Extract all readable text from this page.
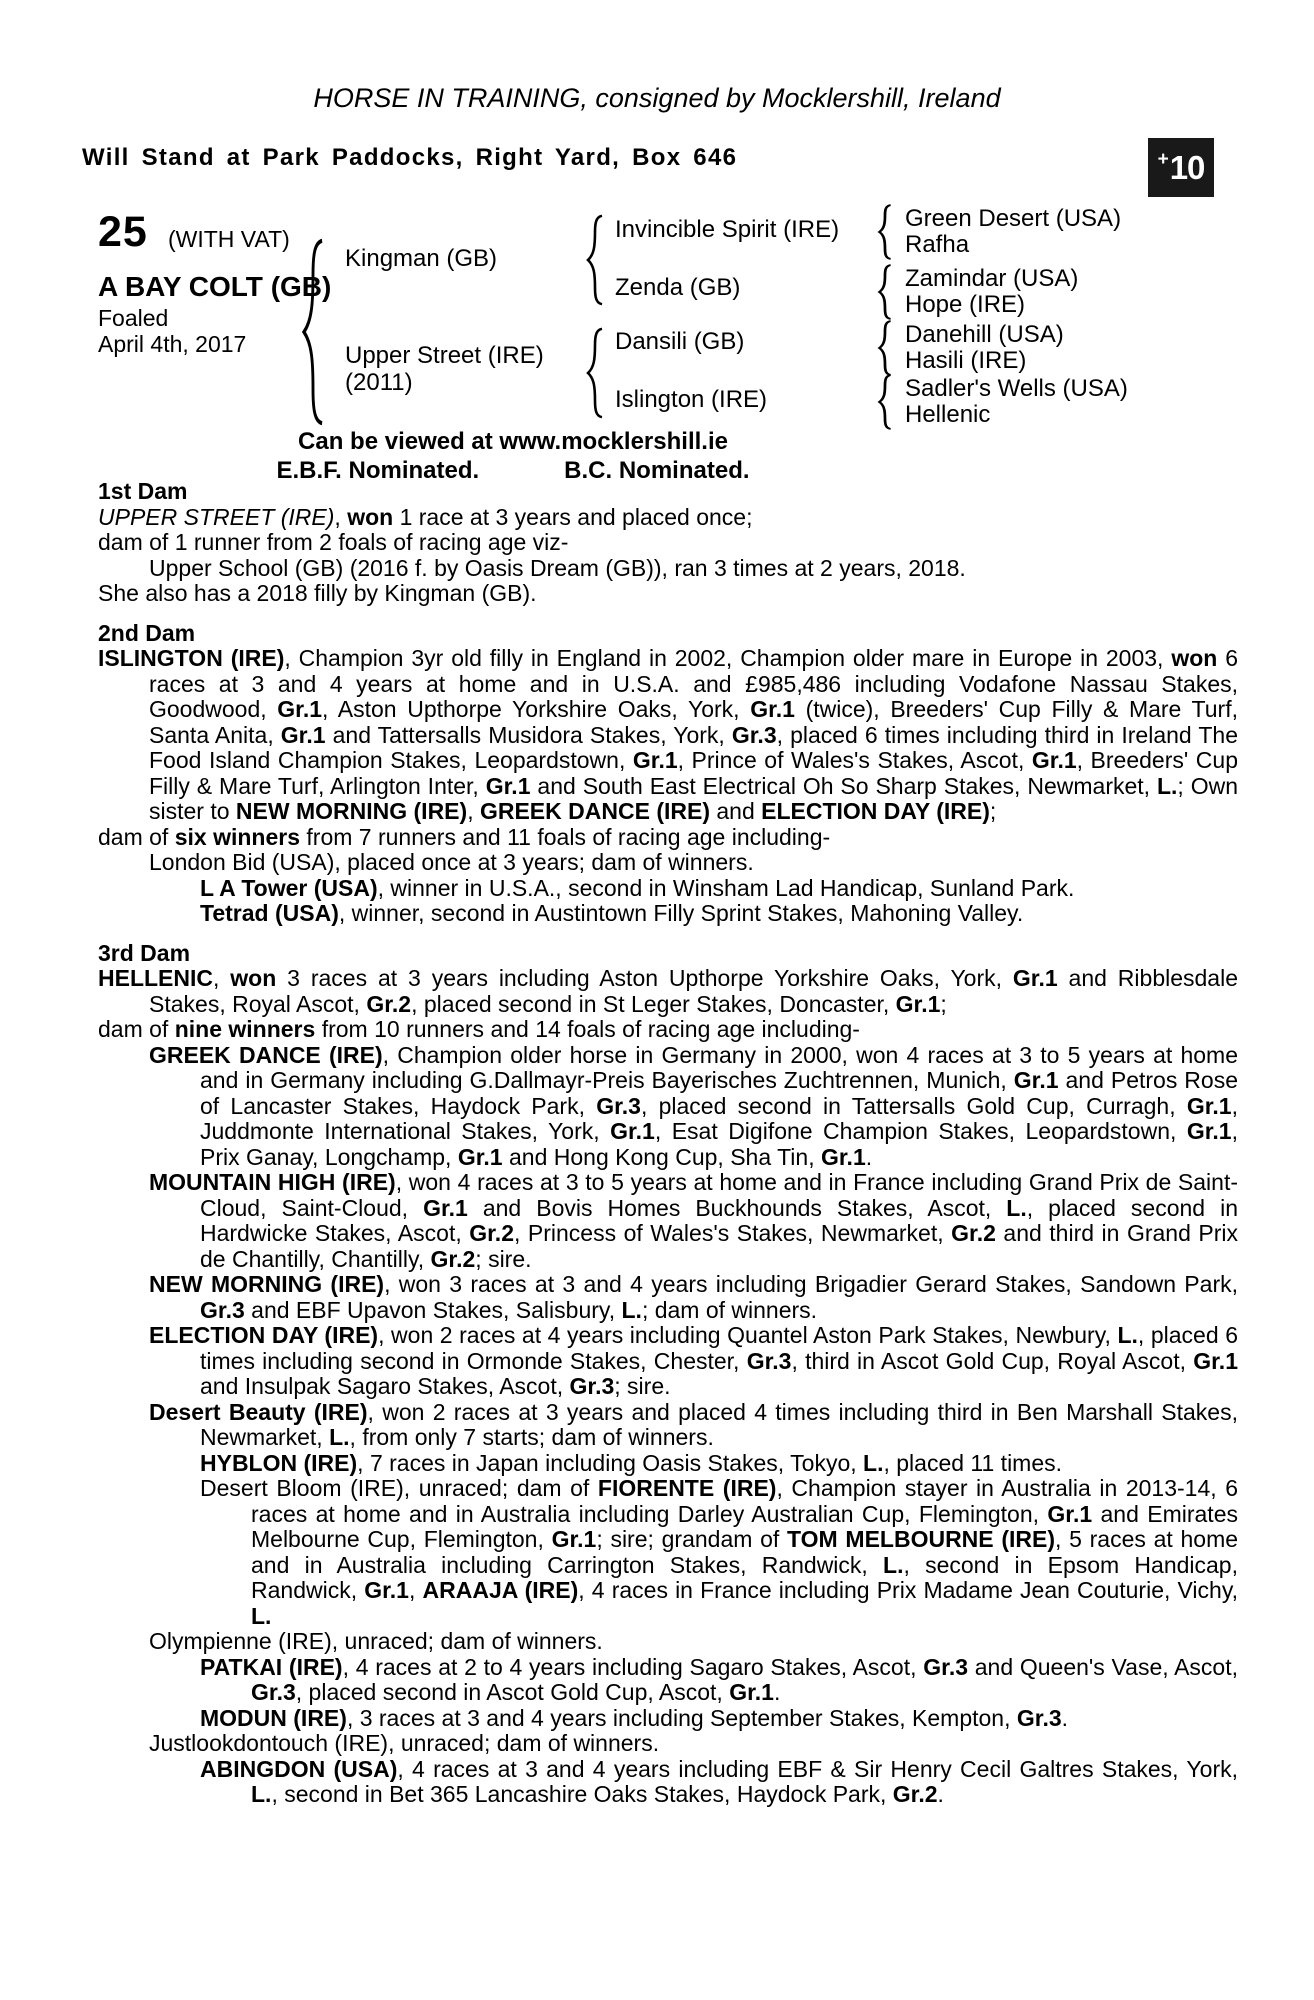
HORSE IN TRAINING, consigned by Mocklershill, Ireland
Will Stand at Park Paddocks, Right Yard, Box 646	+ 10
25 (WITH VAT)
A BAY COLT (GB)
Foaled
April 4th, 2017
Kingman (GB)
Upper Street (IRE)
(2011)
Invincible Spirit (IRE)
Zenda (GB)
Dansili (GB)
Islington (IRE)
Green Desert (USA)
Rafha
Zamindar (USA)
Hope (IRE)
Danehill (USA)
Hasili (IRE)
Sadler's Wells (USA)
Hellenic
Can be viewed at www.mocklershill.ie
E.B.F. Nominated.	B.C. Nominated.
1st Dam

UPPER STREET (IRE), won 1 race at 3 years and placed once;

dam of 1 runner from 2 foals of racing age viz-

Upper School (GB) (2016 f. by Oasis Dream (GB)), ran 3 times at 2 years, 2018.

She also has a 2018 filly by Kingman (GB).

2nd Dam

ISLINGTON (IRE), Champion 3yr old filly in England in 2002, Champion older mare in Europe in 2003, won 6 races at 3 and 4 years at home and in U.S.A. and £985,486 including Vodafone Nassau Stakes, Goodwood, Gr.1, Aston Upthorpe Yorkshire Oaks, York, Gr.1 (twice), Breeders' Cup Filly & Mare Turf, Santa Anita, Gr.1 and Tattersalls Musidora Stakes, York, Gr.3, placed 6 times including third in Ireland The Food Island Champion Stakes, Leopardstown, Gr.1, Prince of Wales's Stakes, Ascot, Gr.1, Breeders' Cup Filly & Mare Turf, Arlington Inter, Gr.1 and South East Electrical Oh So Sharp Stakes, Newmarket, L.; Own sister to NEW MORNING (IRE), GREEK DANCE (IRE) and ELECTION DAY (IRE);

dam of six winners from 7 runners and 11 foals of racing age including-

London Bid (USA), placed once at 3 years; dam of winners.

L A Tower (USA), winner in U.S.A., second in Winsham Lad Handicap, Sunland Park.

Tetrad (USA), winner, second in Austintown Filly Sprint Stakes, Mahoning Valley.

3rd Dam

HELLENIC, won 3 races at 3 years including Aston Upthorpe Yorkshire Oaks, York, Gr.1 and Ribblesdale Stakes, Royal Ascot, Gr.2, placed second in St Leger Stakes, Doncaster, Gr.1;

dam of nine winners from 10 runners and 14 foals of racing age including-

GREEK DANCE (IRE), Champion older horse in Germany in 2000, won 4 races at 3 to 5 years at home and in Germany including G.Dallmayr-Preis Bayerisches Zuchtrennen, Munich, Gr.1 and Petros Rose of Lancaster Stakes, Haydock Park, Gr.3, placed second in Tattersalls Gold Cup, Curragh, Gr.1, Juddmonte International Stakes, York, Gr.1, Esat Digifone Champion Stakes, Leopardstown, Gr.1, Prix Ganay, Longchamp, Gr.1 and Hong Kong Cup, Sha Tin, Gr.1.

MOUNTAIN HIGH (IRE), won 4 races at 3 to 5 years at home and in France including Grand Prix de Saint-Cloud, Saint-Cloud, Gr.1 and Bovis Homes Buckhounds Stakes, Ascot, L., placed second in Hardwicke Stakes, Ascot, Gr.2, Princess of Wales's Stakes, Newmarket, Gr.2 and third in Grand Prix de Chantilly, Chantilly, Gr.2; sire.

NEW MORNING (IRE), won 3 races at 3 and 4 years including Brigadier Gerard Stakes, Sandown Park, Gr.3 and EBF Upavon Stakes, Salisbury, L.; dam of winners.

ELECTION DAY (IRE), won 2 races at 4 years including Quantel Aston Park Stakes, Newbury, L., placed 6 times including second in Ormonde Stakes, Chester, Gr.3, third in Ascot Gold Cup, Royal Ascot, Gr.1 and Insulpak Sagaro Stakes, Ascot, Gr.3; sire.

Desert Beauty (IRE), won 2 races at 3 years and placed 4 times including third in Ben Marshall Stakes, Newmarket, L., from only 7 starts; dam of winners.

HYBLON (IRE), 7 races in Japan including Oasis Stakes, Tokyo, L., placed 11 times.

Desert Bloom (IRE), unraced; dam of FIORENTE (IRE), Champion stayer in Australia in 2013-14, 6 races at home and in Australia including Darley Australian Cup, Flemington, Gr.1 and Emirates Melbourne Cup, Flemington, Gr.1; sire; grandam of TOM MELBOURNE (IRE), 5 races at home and in Australia including Carrington Stakes, Randwick, L., second in Epsom Handicap, Randwick, Gr.1, ARAAJA (IRE), 4 races in France including Prix Madame Jean Couturie, Vichy, L.

Olympienne (IRE), unraced; dam of winners.

PATKAI (IRE), 4 races at 2 to 4 years including Sagaro Stakes, Ascot, Gr.3 and Queen's Vase, Ascot, Gr.3, placed second in Ascot Gold Cup, Ascot, Gr.1.

MODUN (IRE), 3 races at 3 and 4 years including September Stakes, Kempton, Gr.3.

Justlookdontouch (IRE), unraced; dam of winners.

ABINGDON (USA), 4 races at 3 and 4 years including EBF & Sir Henry Cecil Galtres Stakes, York, L., second in Bet 365 Lancashire Oaks Stakes, Haydock Park, Gr.2.
